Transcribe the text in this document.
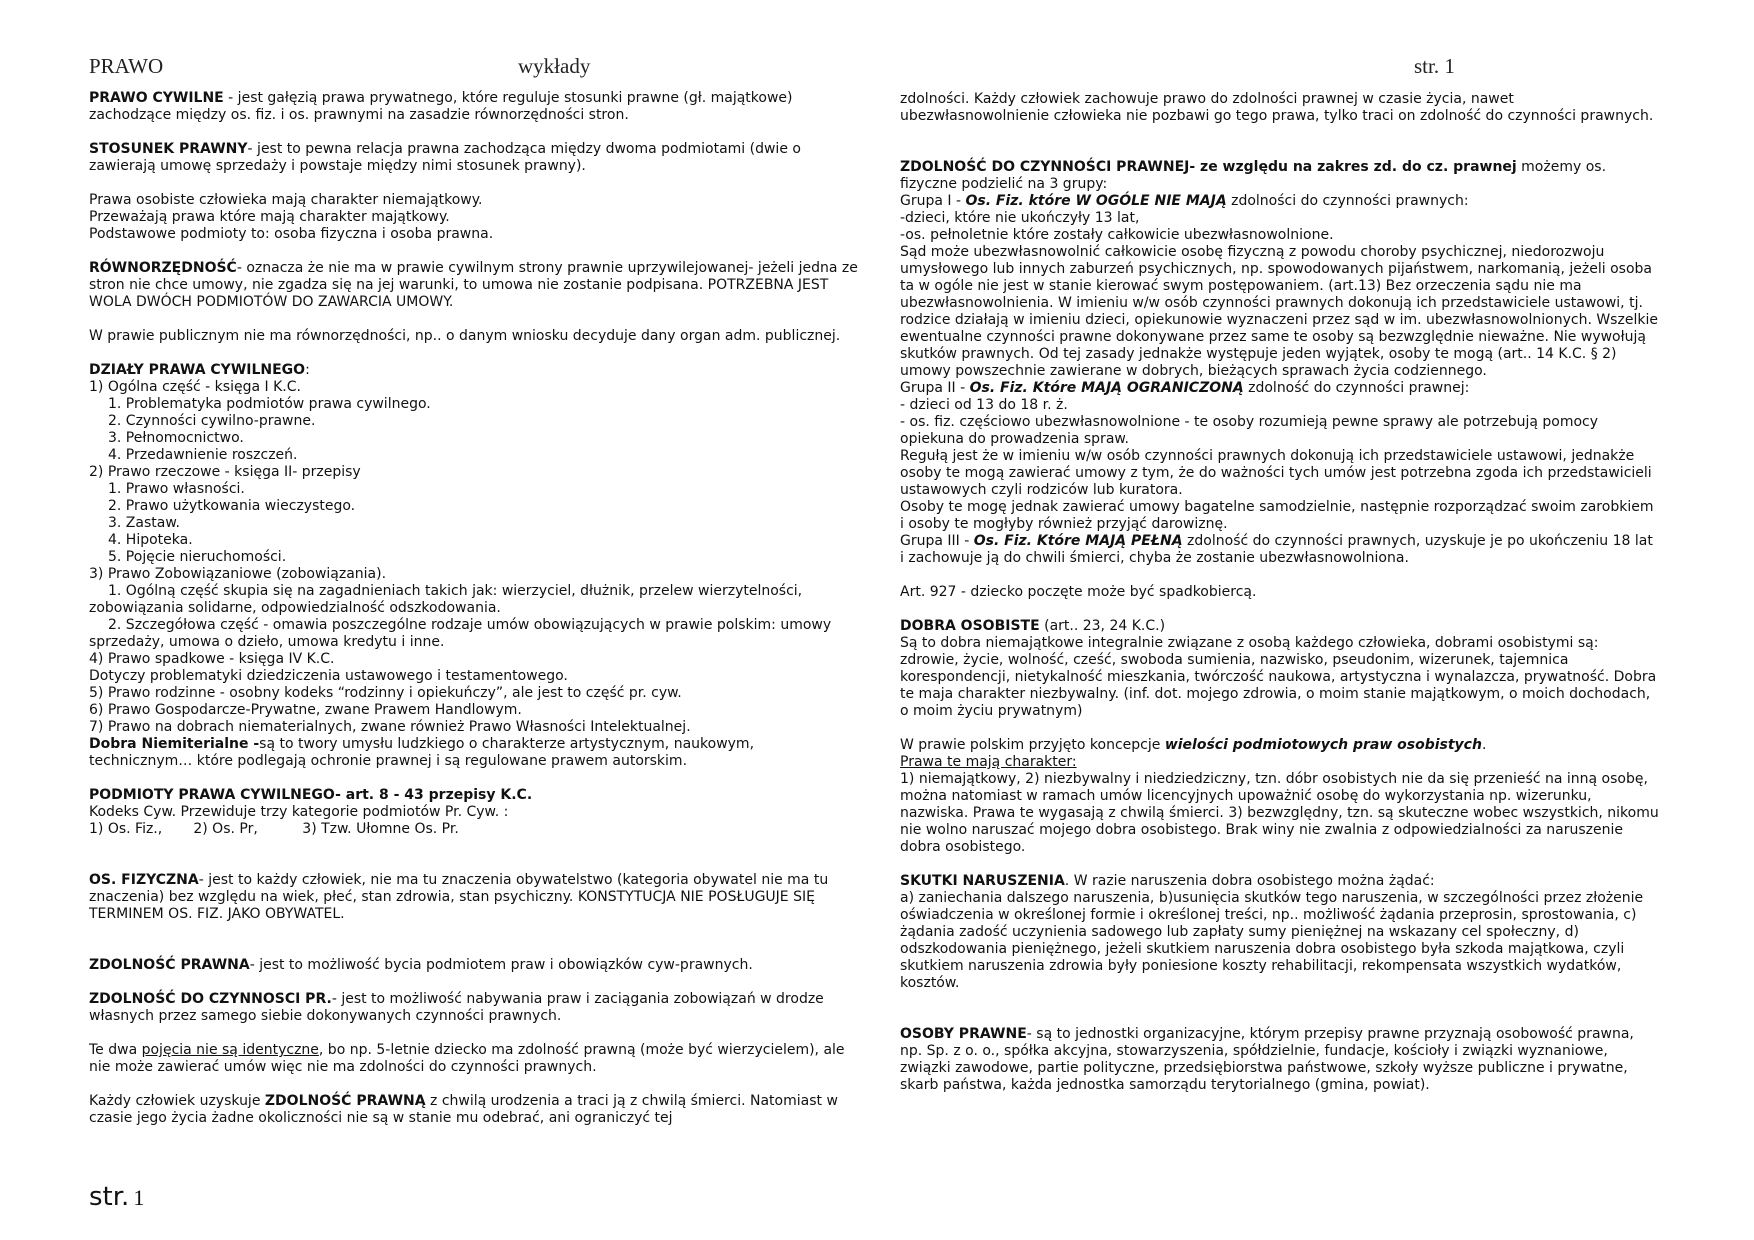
PRAWO	wykłady	str. 1

PRAWO CYWILNE - jest gałęzią prawa prywatnego, które reguluje stosunki prawne (gł. majątkowe) zachodzące między os. fiz. i os. prawnymi na zasadzie równorzędności stron.

STOSUNEK PRAWNY- jest to pewna relacja prawna zachodząca między dwoma podmiotami (dwie o zawierają umowę sprzedaży i powstaje między nimi stosunek prawny).

Prawa osobiste człowieka mają charakter niemajątkowy.

Przeważają prawa które mają charakter majątkowy.

Podstawowe podmioty to: osoba fizyczna i osoba prawna.

RÓWNORZĘDNOŚĆ- oznacza że nie ma w prawie cywilnym strony prawnie uprzywilejowanej- jeżeli jedna ze stron nie chce umowy, nie zgadza się na jej warunki, to umowa nie zostanie podpisana. POTRZEBNA JEST WOLA DWÓCH PODMIOTÓW DO ZAWARCIA UMOWY.

W prawie publicznym nie ma równorzędności, np.. o danym wniosku decyduje dany organ adm. publicznej.

DZIAŁY PRAWA CYWILNEGO:

1) Ogólna część - księga I K.C.

1. Problematyka podmiotów prawa cywilnego.

2. Czynności cywilno-prawne.

3. Pełnomocnictwo.

4. Przedawnienie roszczeń.

2) Prawo rzeczowe - księga II- przepisy

1. Prawo własności.

2. Prawo użytkowania wieczystego.

3. Zastaw.

4. Hipoteka.

5. Pojęcie nieruchomości.

3) Prawo Zobowiązaniowe (zobowiązania).

1. Ogólną część skupia się na zagadnieniach takich jak: wierzyciel, dłużnik, przelew wierzytelności, zobowiązania solidarne, odpowiedzialność odszkodowania.

2. Szczegółowa część - omawia poszczególne rodzaje umów obowiązujących w prawie polskim: umowy sprzedaży, umowa o dzieło, umowa kredytu i inne.

4) Prawo spadkowe - księga IV K.C.

Dotyczy problematyki dziedziczenia ustawowego i testamentowego.

5) Prawo rodzinne - osobny kodeks “rodzinny i opiekuńczy”, ale jest to część pr. cyw.

6) Prawo Gospodarcze-Prywatne, zwane Prawem Handlowym.

7) Prawo na dobrach niematerialnych, zwane również Prawo Własności Intelektualnej.

Dobra Niemiterialne -są to twory umysłu ludzkiego o charakterze artystycznym, naukowym, technicznym… które podlegają ochronie prawnej i są regulowane prawem autorskim.

PODMIOTY PRAWA CYWILNEGO- art. 8 - 43 przepisy K.C.

Kodeks Cyw. Przewiduje trzy kategorie podmiotów Pr. Cyw. :

1) Os. Fiz.,       2) Os. Pr,          3) Tzw. Ułomne Os. Pr.

OS. FIZYCZNA- jest to każdy człowiek, nie ma tu znaczenia obywatelstwo (kategoria obywatel nie ma tu znaczenia) bez względu na wiek, płeć, stan zdrowia, stan psychiczny. KONSTYTUCJA NIE POSŁUGUJE SIĘ TERMINEM OS. FIZ. JAKO OBYWATEL.

ZDOLNOŚĆ PRAWNA- jest to możliwość bycia podmiotem praw i obowiązków cyw-prawnych.

ZDOLNOŚĆ DO CZYNNOSCI PR.- jest to możliwość nabywania praw i zaciągania zobowiązań w drodze własnych przez samego siebie dokonywanych czynności prawnych.

Te dwa pojęcia nie są identyczne, bo np. 5-letnie dziecko ma zdolność prawną (może być wierzycielem), ale nie może zawierać umów więc nie ma zdolności do czynności prawnych.

Każdy człowiek uzyskuje ZDOLNOŚĆ PRAWNĄ z chwilą urodzenia a traci ją z chwilą śmierci. Natomiast w czasie jego życia żadne okoliczności nie są w stanie mu odebrać, ani ograniczyć tej

zdolności. Każdy człowiek zachowuje prawo do zdolności prawnej w czasie życia, nawet ubezwłasnowolnienie człowieka nie pozbawi go tego prawa, tylko traci on zdolność do czynności prawnych.

ZDOLNOŚĆ DO CZYNNOŚCI PRAWNEJ- ze względu na zakres zd. do cz. prawnej możemy os. fizyczne podzielić na 3 grupy:

Grupa I - Os. Fiz. które W OGÓLE NIE MAJĄ zdolności do czynności prawnych:

-dzieci, które nie ukończyły 13 lat,

-os. pełnoletnie które zostały całkowicie ubezwłasnowolnione.

Sąd może ubezwłasnowolnić całkowicie osobę fizyczną z powodu choroby psychicznej, niedorozwoju umysłowego lub innych zaburzeń psychicznych, np. spowodowanych pijaństwem, narkomanią, jeżeli osoba ta w ogóle nie jest w stanie kierować swym postępowaniem. (art.13) Bez orzeczenia sądu nie ma ubezwłasnowolnienia. W imieniu w/w osób czynności prawnych dokonują ich przedstawiciele ustawowi, tj. rodzice działają w imieniu dzieci, opiekunowie wyznaczeni przez sąd w im. ubezwłasnowolnionych. Wszelkie ewentualne czynności prawne dokonywane przez same te osoby są bezwzględnie nieważne. Nie wywołują skutków prawnych. Od tej zasady jednakże występuje jeden wyjątek, osoby te mogą (art.. 14 K.C. § 2) umowy powszechnie zawierane w dobrych, bieżących sprawach życia codziennego.

Grupa II - Os. Fiz. Które MAJĄ OGRANICZONĄ zdolność do czynności prawnej:

- dzieci od 13 do 18 r. ż.

- os. fiz. częściowo ubezwłasnowolnione - te osoby rozumieją pewne sprawy ale potrzebują pomocy opiekuna do prowadzenia spraw.

Regułą jest że w imieniu w/w osób czynności prawnych dokonują ich przedstawiciele ustawowi, jednakże osoby te mogą zawierać umowy z tym, że do ważności tych umów jest potrzebna zgoda ich przedstawicieli ustawowych czyli rodziców lub kuratora.

Osoby te mogę jednak zawierać umowy bagatelne samodzielnie, następnie rozporządzać swoim zarobkiem i osoby te mogłyby również przyjąć darowiznę.

Grupa III - Os. Fiz. Które MAJĄ PEŁNĄ zdolność do czynności prawnych, uzyskuje je po ukończeniu 18 lat i zachowuje ją do chwili śmierci, chyba że zostanie ubezwłasnowolniona.

Art. 927 - dziecko poczęte może być spadkobiercą.

DOBRA OSOBISTE (art.. 23, 24 K.C.)

Są to dobra niemajątkowe integralnie związane z osobą każdego człowieka, dobrami osobistymi są: zdrowie, życie, wolność, cześć, swoboda sumienia, nazwisko, pseudonim, wizerunek, tajemnica korespondencji, nietykalność mieszkania, twórczość naukowa, artystyczna i wynalazcza, prywatność. Dobra te maja charakter niezbywalny. (inf. dot. mojego zdrowia, o moim stanie majątkowym, o moich dochodach, o moim życiu prywatnym)

W prawie polskim przyjęto koncepcje wielości podmiotowych praw osobistych.

Prawa te mają charakter:

1) niemajątkowy, 2) niezbywalny i niedziedziczny, tzn. dóbr osobistych nie da się przenieść na inną osobę, można natomiast w ramach umów licencyjnych upoważnić osobę do wykorzystania np. wizerunku, nazwiska. Prawa te wygasają z chwilą śmierci. 3) bezwzględny, tzn. są skuteczne wobec wszystkich, nikomu nie wolno naruszać mojego dobra osobistego. Brak winy nie zwalnia z odpowiedzialności za naruszenie dobra osobistego.

SKUTKI NARUSZENIA. W razie naruszenia dobra osobistego można żądać:

a) zaniechania dalszego naruszenia, b)usunięcia skutków tego naruszenia, w szczególności przez złożenie oświadczenia w określonej formie i określonej treści, np.. możliwość żądania przeprosin, sprostowania, c) żądania zadość uczynienia sadowego lub zapłaty sumy pieniężnej na wskazany cel społeczny, d) odszkodowania pieniężnego, jeżeli skutkiem naruszenia dobra osobistego była szkoda majątkowa, czyli skutkiem naruszenia zdrowia były poniesione koszty rehabilitacji, rekompensata wszystkich wydatków, kosztów.

OSOBY PRAWNE- są to jednostki organizacyjne, którym przepisy prawne przyznają osobowość prawna, np. Sp. z o. o., spółka akcyjna, stowarzyszenia, spółdzielnie, fundacje, kościoły i związki wyznaniowe, związki zawodowe, partie polityczne, przedsiębiorstwa państwowe, szkoły wyższe publiczne i prywatne, skarb państwa, każda jednostka samorządu terytorialnego (gmina, powiat).

str. 1
